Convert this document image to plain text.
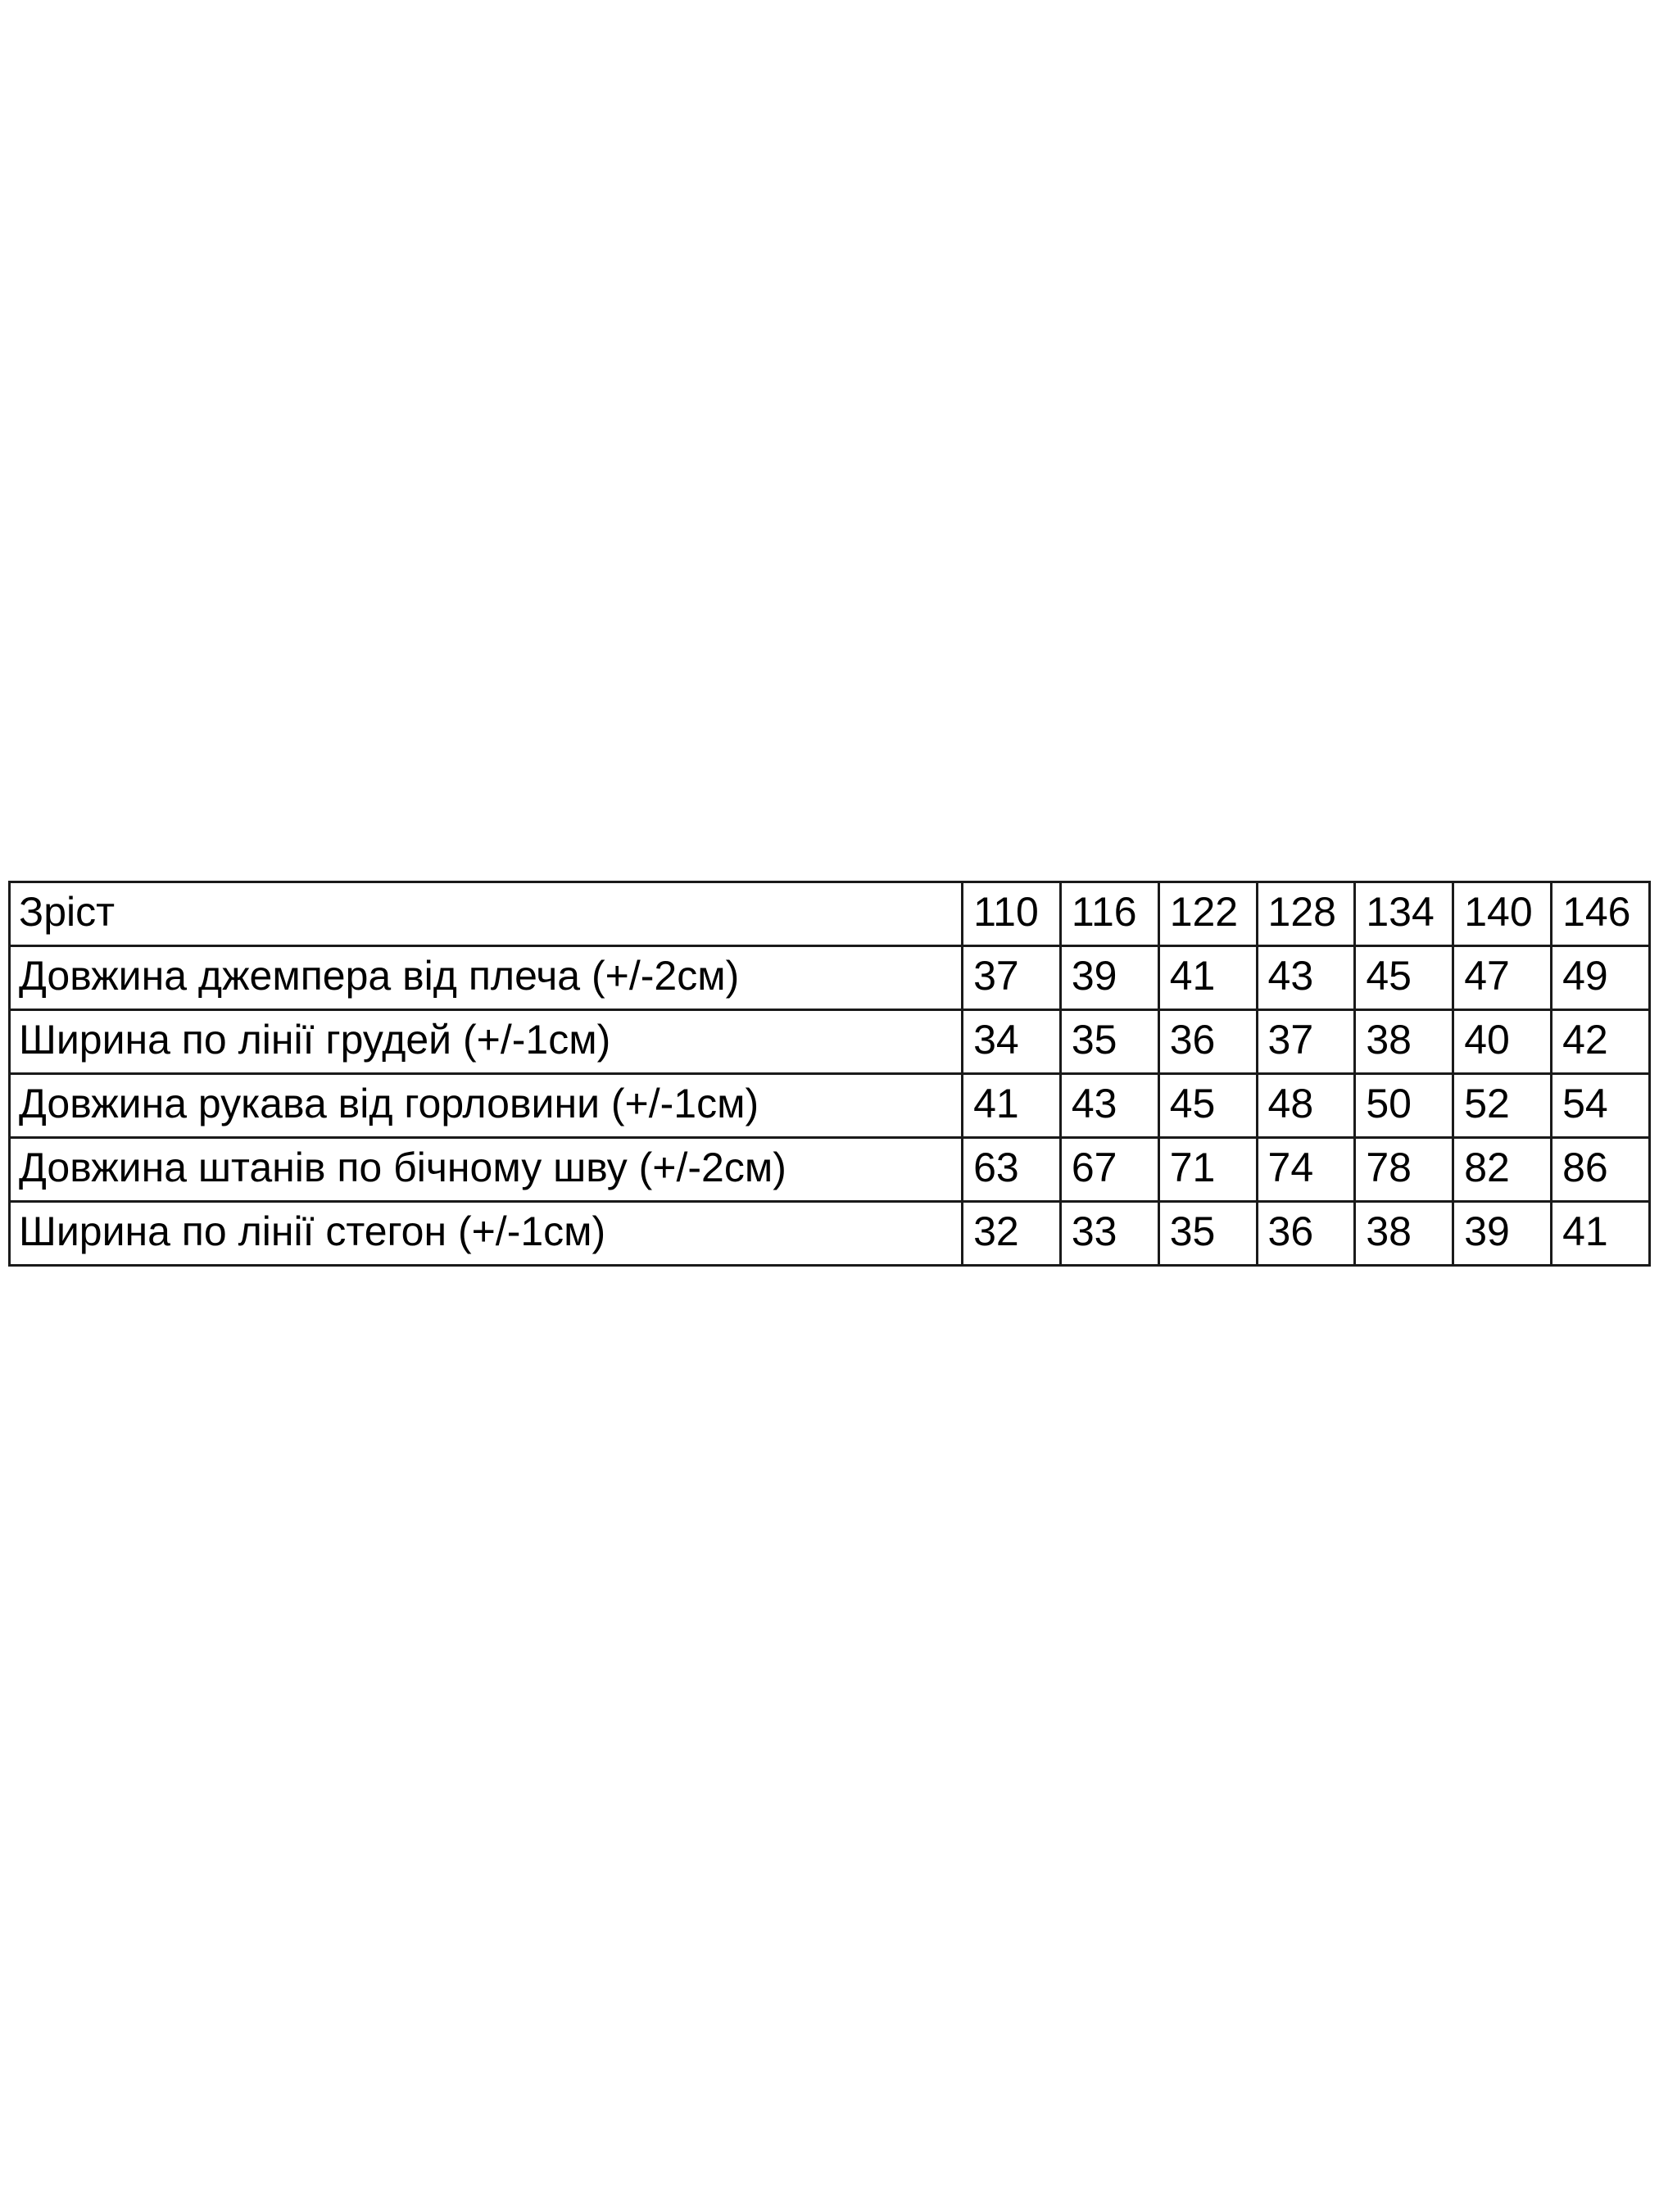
Зріст	110	116	122	128	134	140	146
Довжина джемпера від плеча (+/-2см)	37	39	41	43	45	47	49
Ширина по лінії грудей (+/-1см)	34	35	36	37	38	40	42
Довжина рукава від горловини (+/-1см)	41	43	45	48	50	52	54
Довжина штанів по бічному шву (+/-2см)	63	67	71	74	78	82	86
Ширина по лінії стегон (+/-1см)	32	33	35	36	38	39	41
